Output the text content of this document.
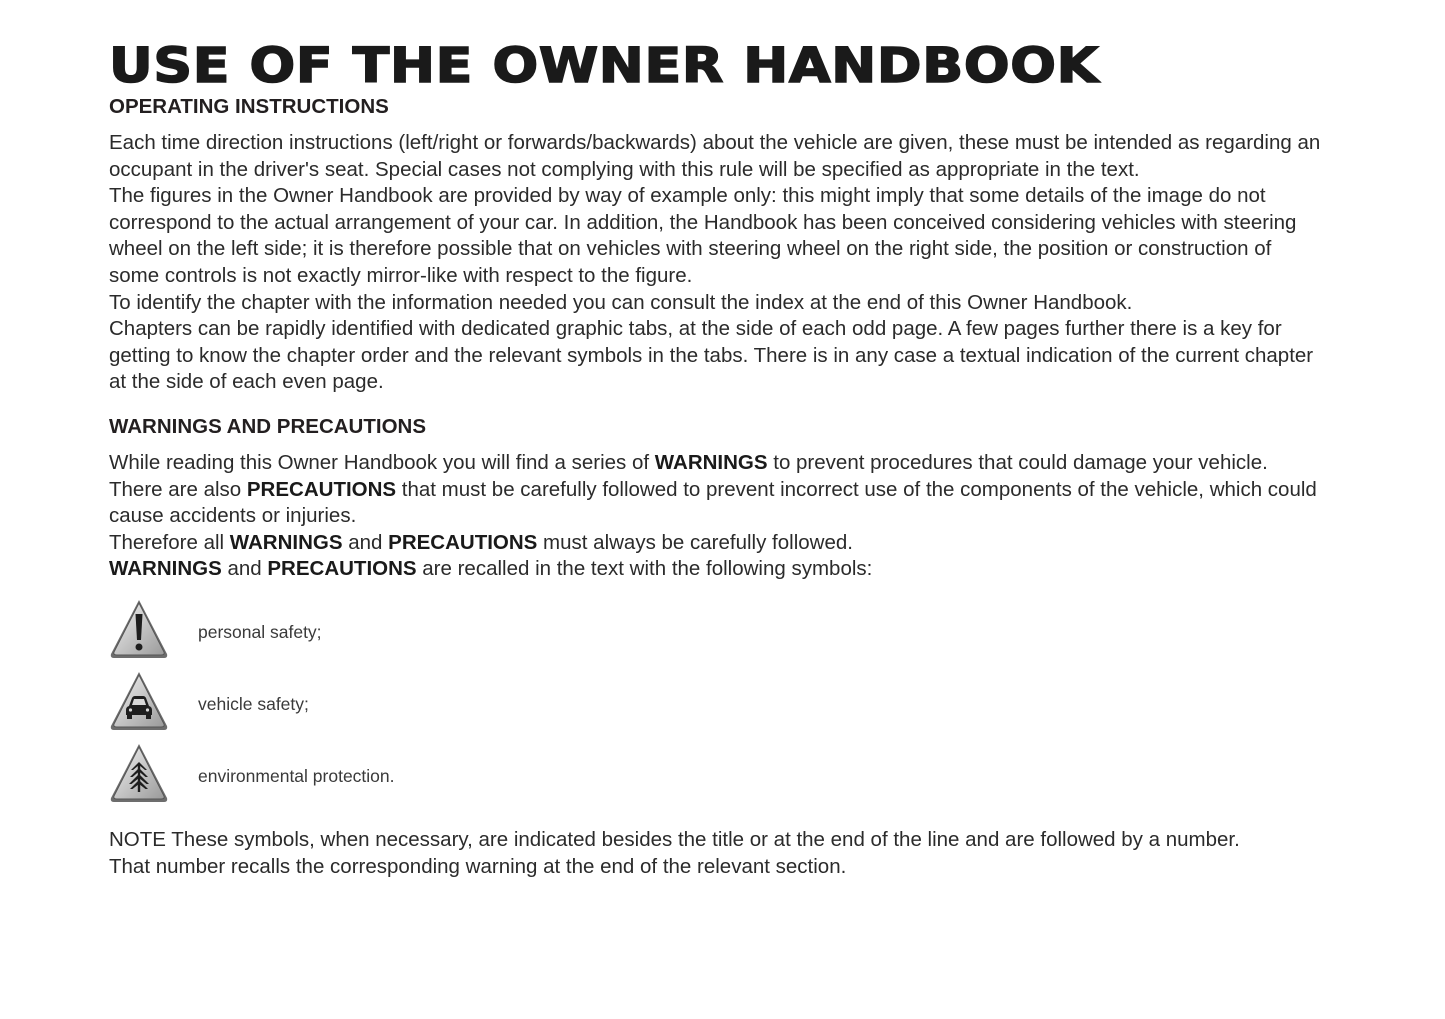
USE OF THE OWNER HANDBOOK
OPERATING INSTRUCTIONS

Each time direction instructions (left/right or forwards/backwards) about the vehicle are given, these must be intended as regarding an occupant in the driver's seat. Special cases not complying with this rule will be specified as appropriate in the text.

The figures in the Owner Handbook are provided by way of example only: this might imply that some details of the image do not correspond to the actual arrangement of your car. In addition, the Handbook has been conceived considering vehicles with steering wheel on the left side; it is therefore possible that on vehicles with steering wheel on the right side, the position or construction of some controls is not exactly mirror-like with respect to the figure.

To identify the chapter with the information needed you can consult the index at the end of this Owner Handbook.

Chapters can be rapidly identified with dedicated graphic tabs, at the side of each odd page. A few pages further there is a key for getting to know the chapter order and the relevant symbols in the tabs. There is in any case a textual indication of the current chapter at the side of each even page.

WARNINGS AND PRECAUTIONS

While reading this Owner Handbook you will find a series of WARNINGS to prevent procedures that could damage your vehicle.

There are also PRECAUTIONS that must be carefully followed to prevent incorrect use of the components of the vehicle, which could cause accidents or injuries.

Therefore all WARNINGS and PRECAUTIONS must always be carefully followed.

WARNINGS and PRECAUTIONS are recalled in the text with the following symbols:

personal safety;
vehicle safety;
environmental protection.

NOTE These symbols, when necessary, are indicated besides the title or at the end of the line and are followed by a number.

That number recalls the corresponding warning at the end of the relevant section.
